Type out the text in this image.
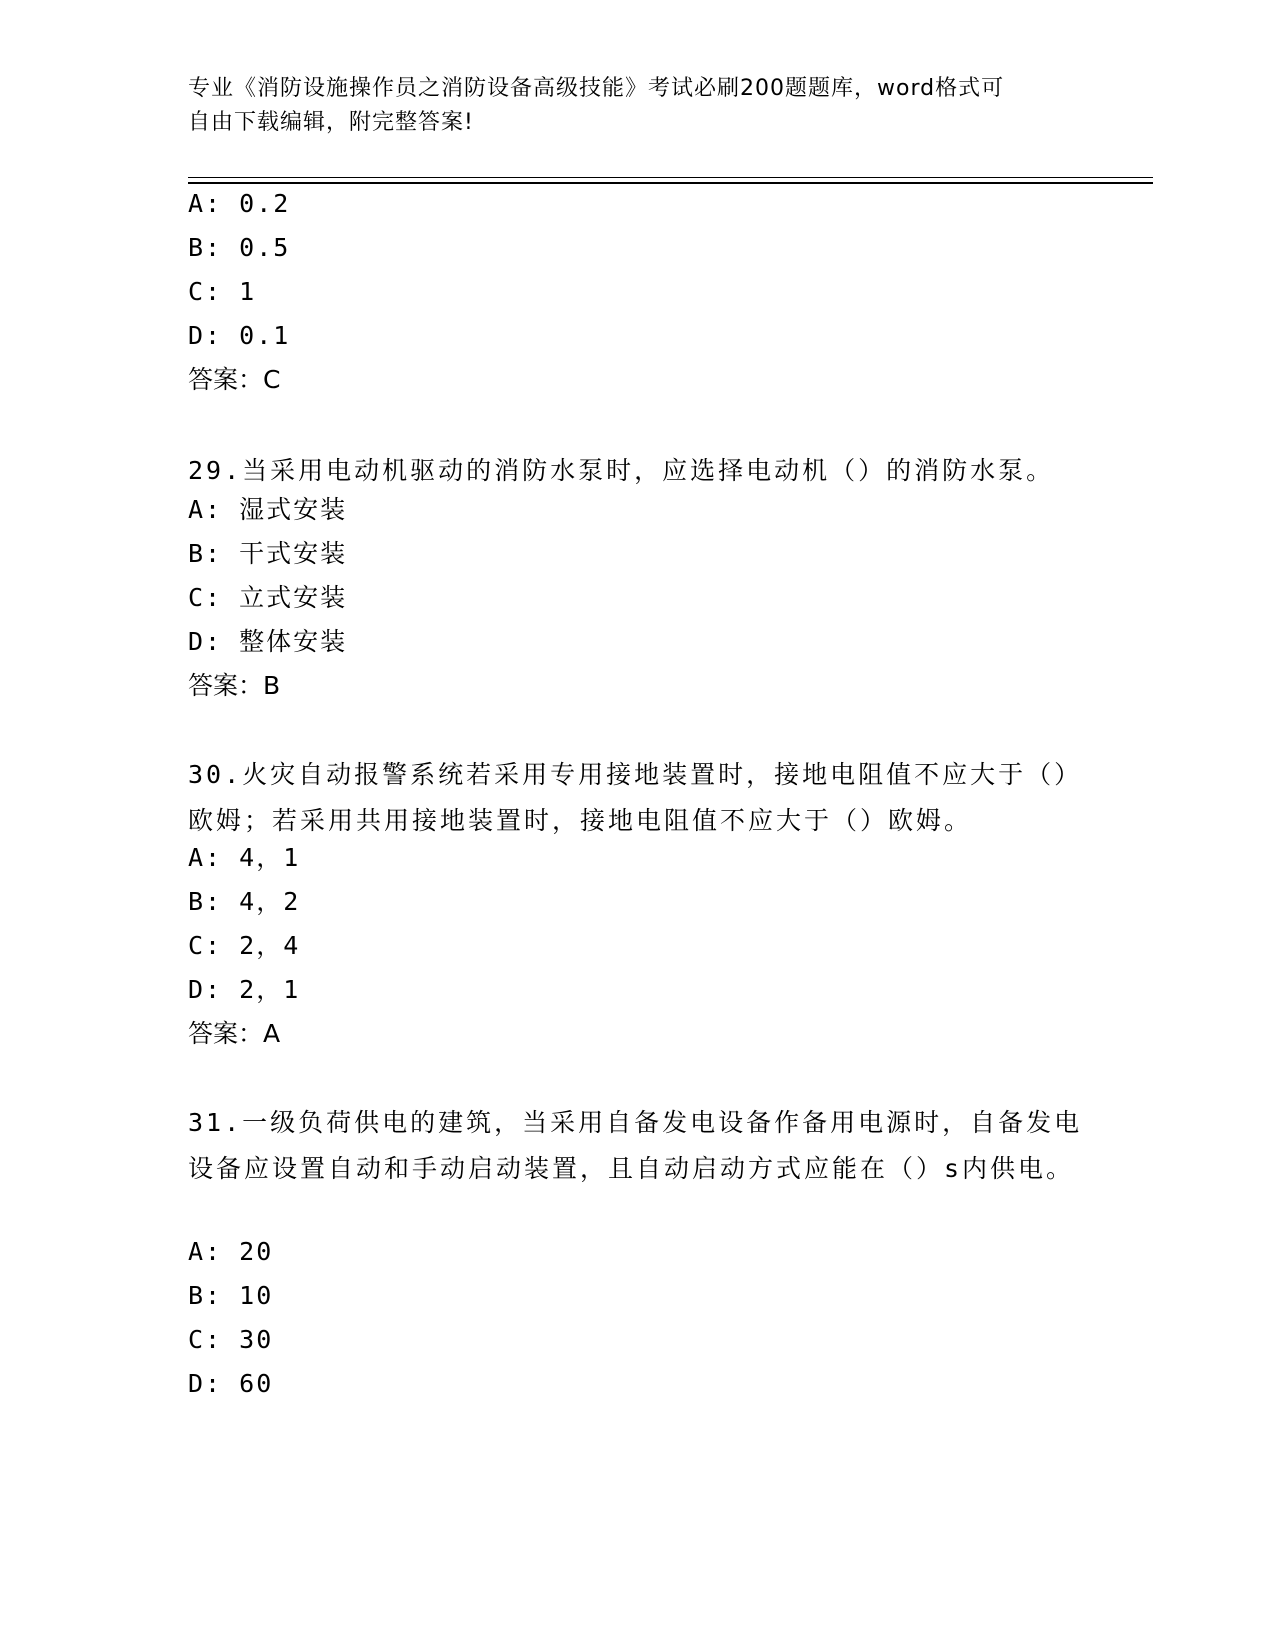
专业《消防设施操作员之消防设备高级技能》考试必刷200题题库，word格式可
自由下载编辑，附完整答案!
A: 0.2
B: 0.5
C: 1
D: 0.1
答案：C
29.当采用电动机驱动的消防水泵时，应选择电动机（）的消防水泵。
A: 湿式安装
B: 干式安装
C: 立式安装
D: 整体安装
答案：B
30.火灾自动报警系统若采用专用接地装置时，接地电阻值不应大于（）欧姆；若采用共用接地装置时，接地电阻值不应大于（）欧姆。
A: 4，1
B: 4，2
C: 2，4
D: 2，1
答案：A
31.一级负荷供电的建筑，当采用自备发电设备作备用电源时，自备发电设备应设置自动和手动启动装置，且自动启动方式应能在（）s内供电。
A: 20
B: 10
C: 30
D: 60
